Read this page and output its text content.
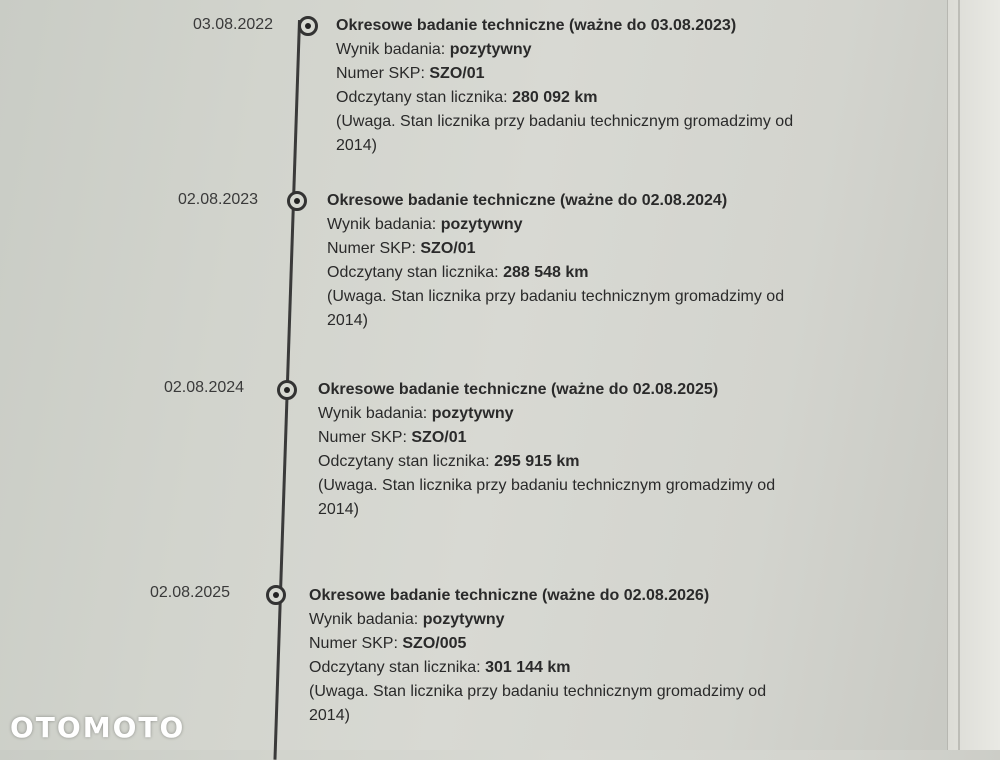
03.08.2022	Okresowe badanie techniczne (ważne do 03.08.2023)
Wynik badania: pozytywny
Numer SKP: SZO/01
Odczytany stan licznika: 280 092 km
(Uwaga. Stan licznika przy badaniu technicznym gromadzimy od
2014)
02.08.2023	Okresowe badanie techniczne (ważne do 02.08.2024)
Wynik badania: pozytywny
Numer SKP: SZO/01
Odczytany stan licznika: 288 548 km
(Uwaga. Stan licznika przy badaniu technicznym gromadzimy od
2014)
02.08.2024	Okresowe badanie techniczne (ważne do 02.08.2025)
Wynik badania: pozytywny
Numer SKP: SZO/01
Odczytany stan licznika: 295 915 km
(Uwaga. Stan licznika przy badaniu technicznym gromadzimy od
2014)
02.08.2025	Okresowe badanie techniczne (ważne do 02.08.2026)
Wynik badania: pozytywny
Numer SKP: SZO/005
Odczytany stan licznika: 301 144 km
(Uwaga. Stan licznika przy badaniu technicznym gromadzimy od
2014)
OTOMOTO
